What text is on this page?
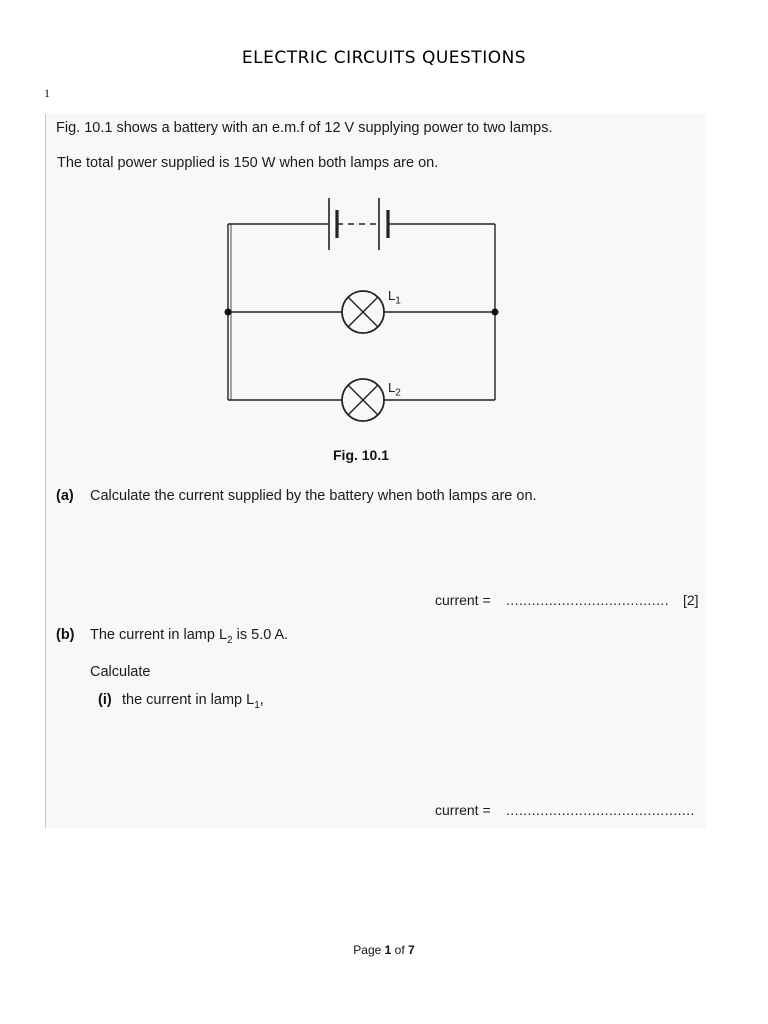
ELECTRIC CIRCUITS QUESTIONS
1
Fig. 10.1 shows a battery with an e.m.f of 12 V supplying power to two lamps.
The total power supplied is 150 W when both lamps are on.
$L_1$
$L_2$
Fig. 10.1
(a) Calculate the current supplied by the battery when both lamps are on.
current = ...................................... [2]
(b) The current in lamp $L_2$ is 5.0 A.
Calculate
(i) the current in lamp $L_1$,
current = ............................................
Page 1 of 7
